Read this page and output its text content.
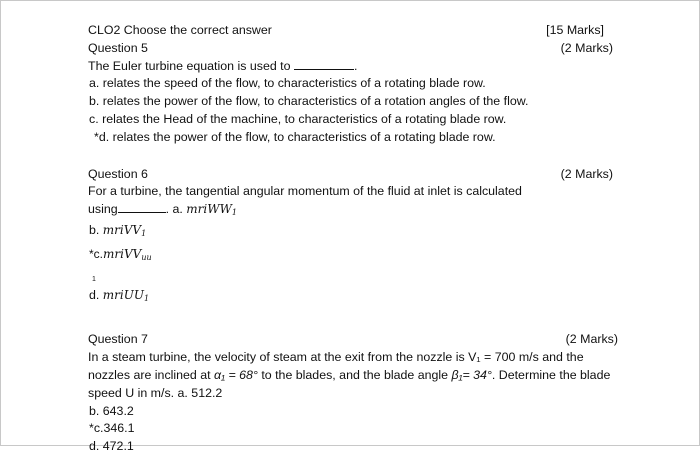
CLO2 Choose the correct answer	[15 Marks]
Question 5	(2 Marks)
The Euler turbine equation is used to	.
a. relates the speed of the flow, to characteristics of a rotating blade row.
b. relates the power of the flow, to characteristics of a rotation angles of the flow.
c. relates the Head of the machine, to characteristics of a rotating blade row.
*d. relates the power of the flow, to characteristics of a rotating blade row.
Question 6	(2 Marks)
For a turbine, the tangential angular momentum of the fluid at inlet is calculated
using	. a. mriWW$_1$
b. mriVV$_1$
*c.mriVV$_{uu}$
1
d. mriUU$_1$
Question 7	(2 Marks)
In a steam turbine, the velocity of steam at the exit from the nozzle is V₁ = 700 m/s and the
nozzles are inclined at α₁ = 68° to the blades, and the blade angle β₁= 34°. Determine the blade
speed U in m/s. a. 512.2
b. 643.2
*c.346.1
d. 472.1
